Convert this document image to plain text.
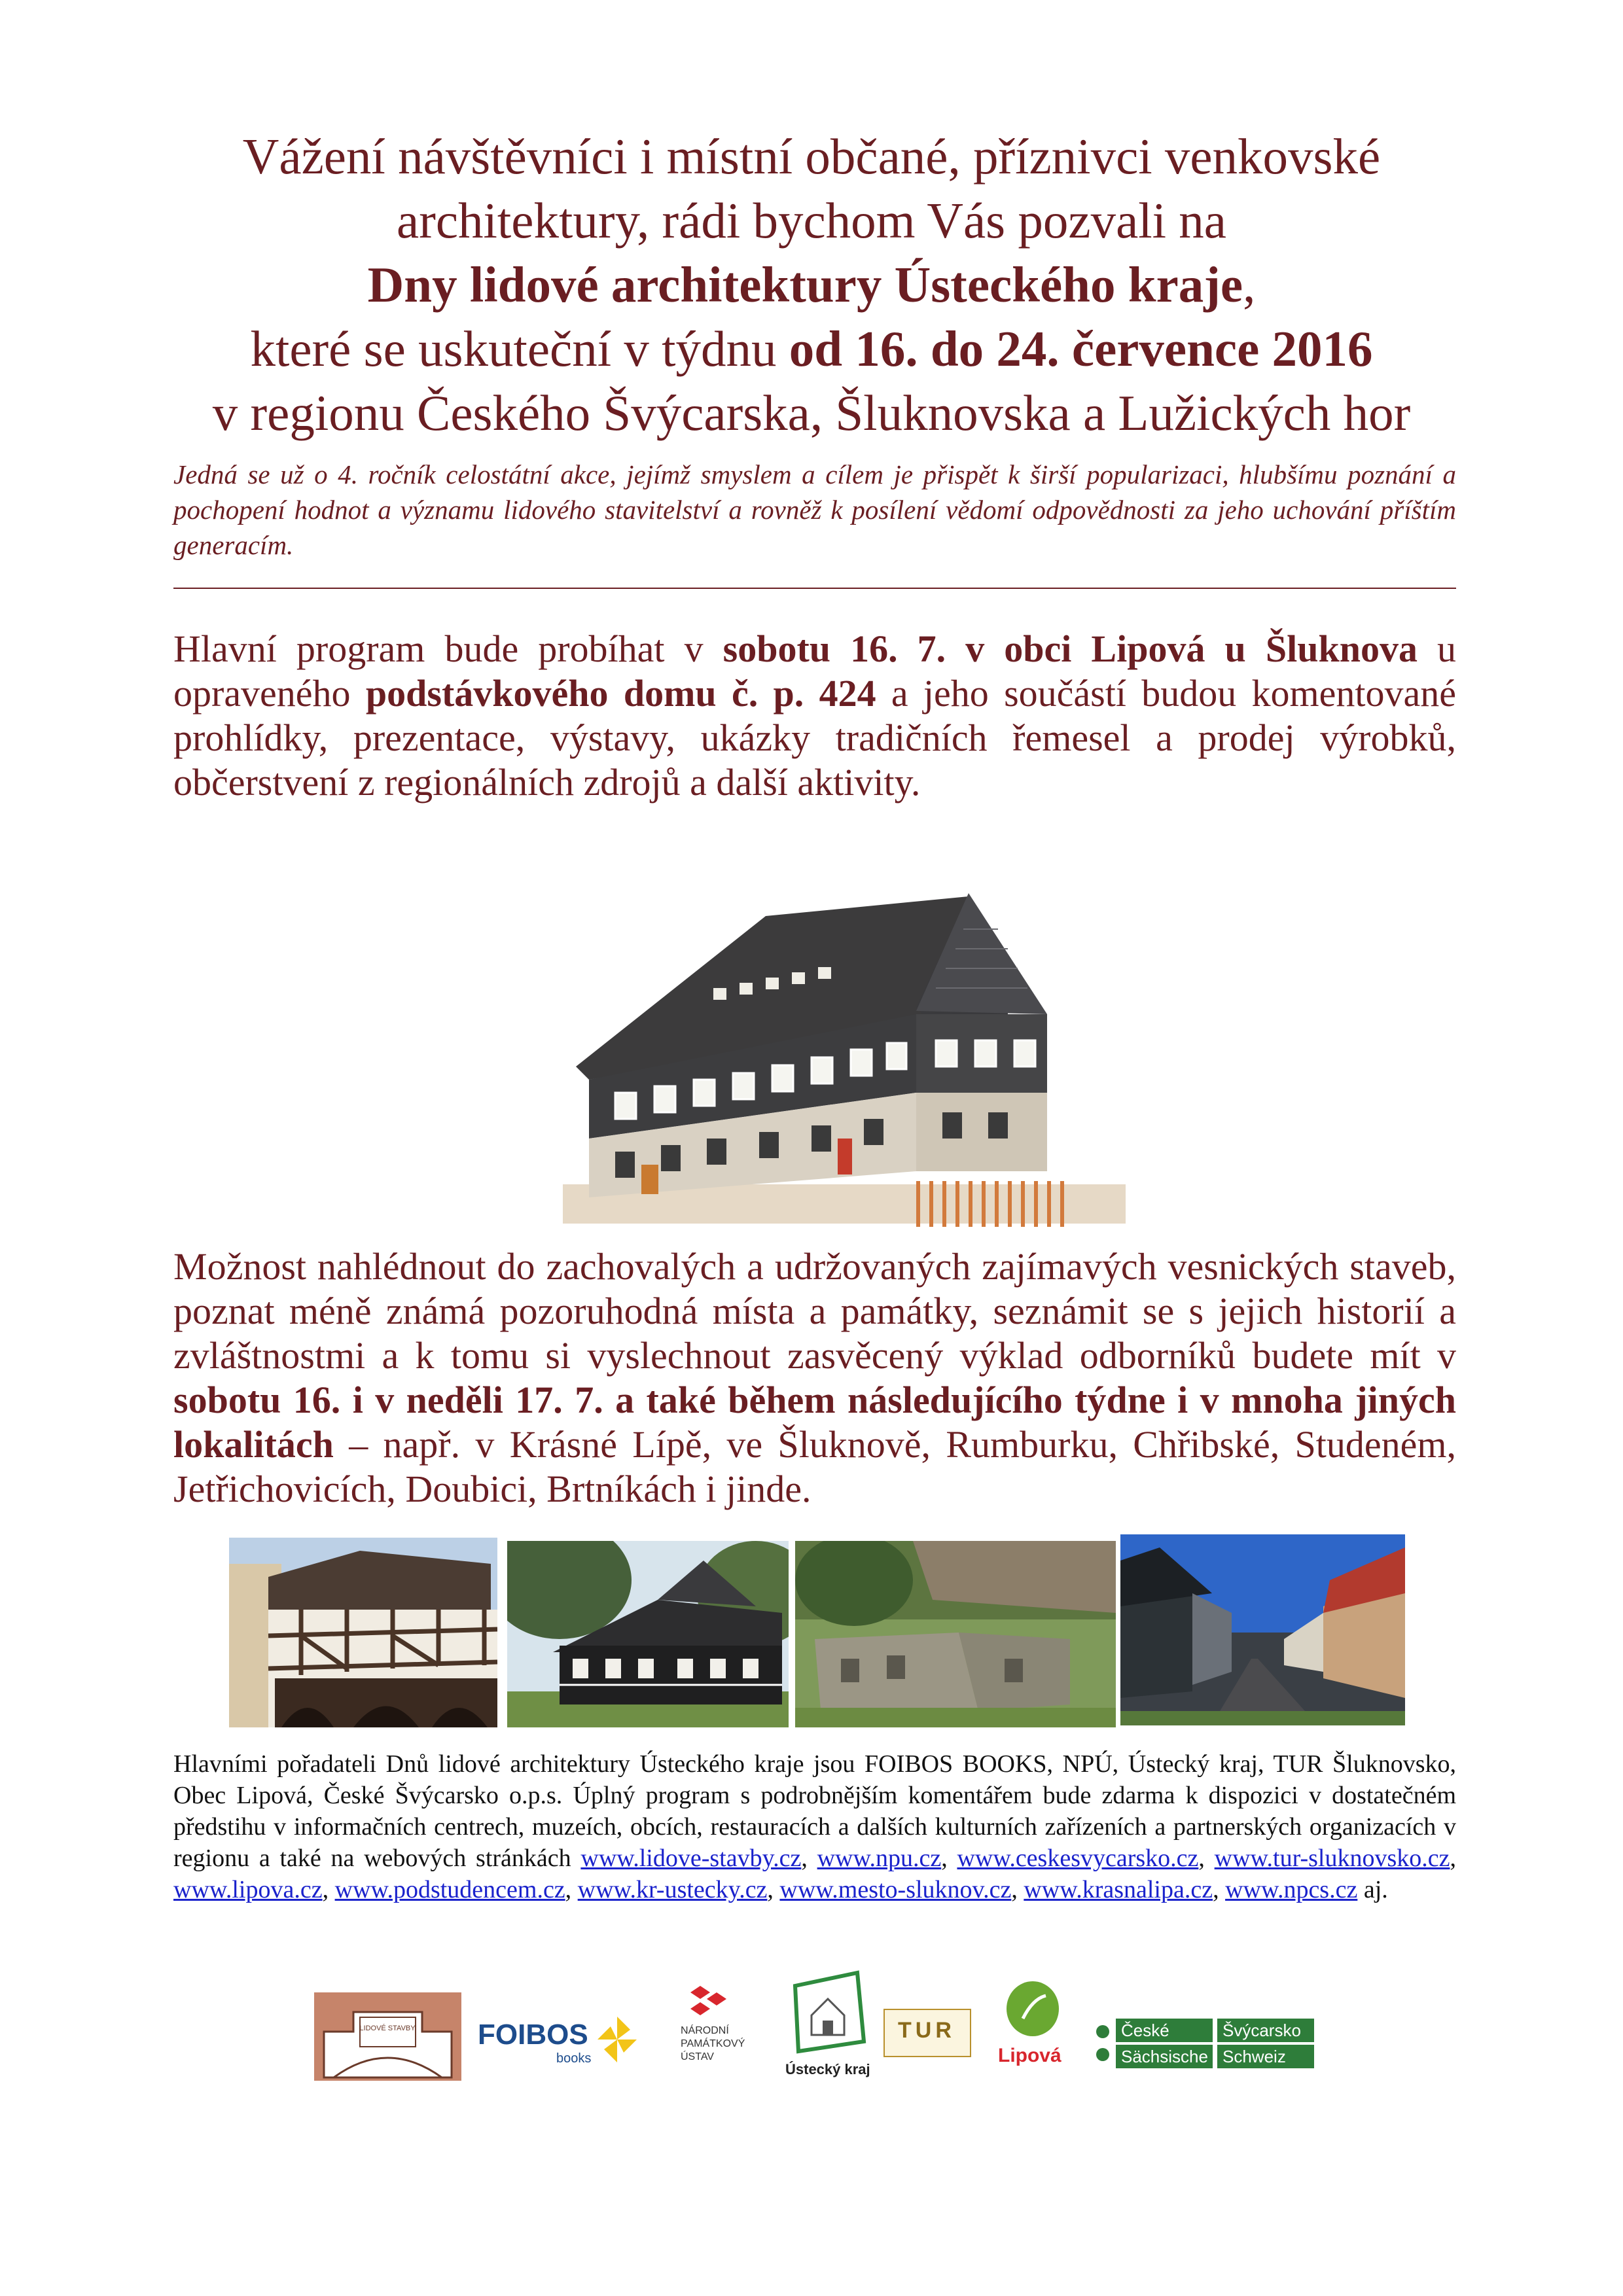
Vážení návštěvníci i místní občané, příznivci venkovské

architektury, rádi bychom Vás pozvali na

Dny lidové architektury Ústeckého kraje,

které se uskuteční v týdnu od 16. do 24. července 2016

v regionu Českého Švýcarska, Šluknovska a Lužických hor

Jedná se už o 4. ročník celostátní akce, jejímž smyslem a cílem je přispět k širší popularizaci, hlubšímu poznání a pochopení hodnot a významu lidového stavitelství a rovněž k posílení vědomí odpovědnosti za jeho uchování příštím generacím.
Hlavní program bude probíhat v sobotu 16. 7. v obci Lipová u Šluknova u opraveného podstávkového domu č. p. 424 a jeho součástí budou komentované prohlídky, prezentace, výstavy, ukázky tradičních řemesel a prodej výrobků, občerstvení z regionálních zdrojů a další aktivity.
Možnost nahlédnout do zachovalých a udržovaných zajímavých vesnických staveb, poznat méně známá pozoruhodná místa a památky, seznámit se s jejich historií a zvláštnostmi a k tomu si vyslechnout zasvěcený výklad odborníků budete mít v sobotu 16. i v neděli 17. 7. a také během následujícího týdne i v mnoha jiných lokalitách – např. v Krásné Lípě, ve Šluknově, Rumburku, Chřibské, Studeném, Jetřichovicích, Doubici, Brtníkách i jinde.
Hlavními pořadateli Dnů lidové architektury Ústeckého kraje jsou FOIBOS BOOKS, NPÚ, Ústecký kraj, TUR Šluknovsko, Obec Lipová, České Švýcarsko o.p.s. Úplný program s podrobnějším komentářem bude zdarma k dispozici v dostatečném předstihu v informačních centrech, muzeích, obcích, restauracích a dalších kulturních zařízeních a partnerských organizacích v regionu a také na webových stránkách www.lidove-stavby.cz, www.npu.cz, www.ceskesvycarsko.cz, www.tur-sluknovsko.cz, www.lipova.cz, www.podstudencem.cz, www.kr-ustecky.cz, www.mesto-sluknov.cz, www.krasnalipa.cz, www.npcs.cz aj.
LIDOVÉ STAVBY FOIBOS
books
NÁRODNÍ
PAMÁTKOVÝ
ÚSTAV
Ústecký kraj
TUR
Lipová
České	Švýcarsko
Sächsische Schweiz
